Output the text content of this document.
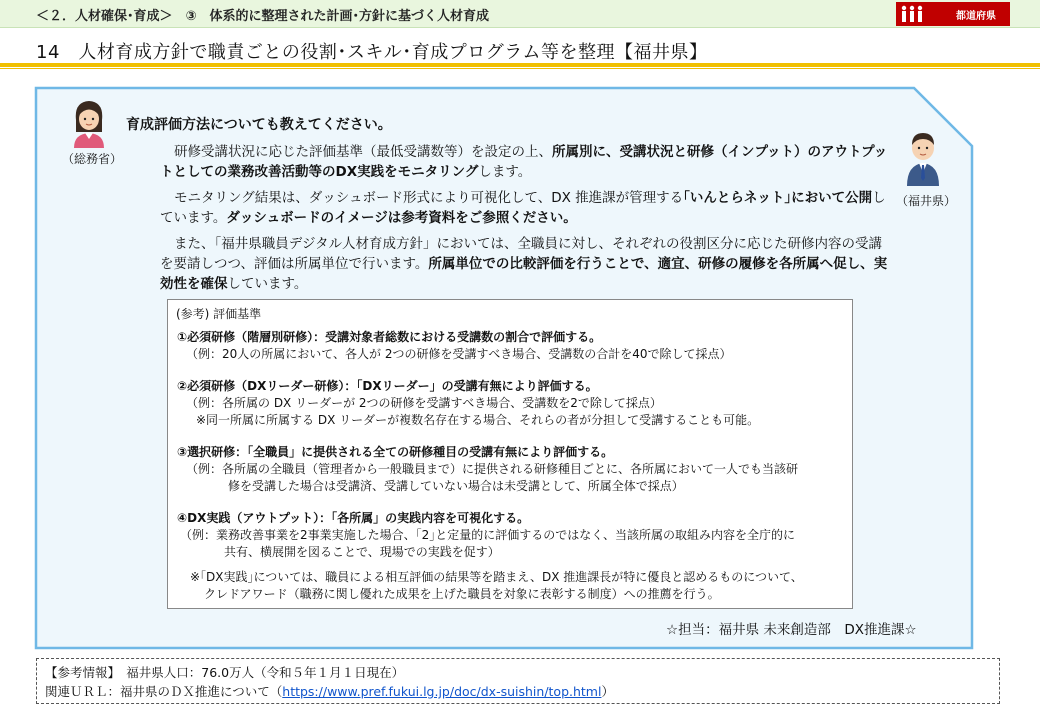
＜２．人材確保･育成＞　③　体系的に整理された計画･方針に基づく人材育成	都道府県
14　人材育成方針で職責ごとの役割･スキル･育成プログラム等を整理【福井県】
（総務省）
（福井県）
育成評価方法についても教えてください。
研修受講状況に応じた評価基準（最低受講数等）を設定の上、所属別に、受講状況と研修（インプット）のアウトプットとしての業務改善活動等のDX実践をモニタリングします。
モニタリング結果は、ダッシュボード形式により可視化して、DX 推進課が管理する｢いんとらネット｣において公開しています。ダッシュボードのイメージは参考資料をご参照ください。
また、「福井県職員デジタル人材育成方針」においては、全職員に対し、それぞれの役割区分に応じた研修内容の受講を要請しつつ、評価は所属単位で行います。所属単位での比較評価を行うことで、適宜、研修の履修を各所属へ促し、実効性を確保しています。
(参考) 評価基準
①必須研修（階層別研修）：受講対象者総数における受講数の割合で評価する。
（例：20人の所属において、各人が 2つの研修を受講すべき場合、受講数の合計を40で除して採点）
②必須研修（DXリーダー研修）：「DXリーダー」の受講有無により評価する。
（例：各所属の DX リーダーが 2つの研修を受講すべき場合、受講数を2で除して採点）
※同一所属に所属する DX リーダーが複数名存在する場合、それらの者が分担して受講することも可能。
③選択研修：「全職員」に提供される全ての研修種目の受講有無により評価する。
（例：各所属の全職員（管理者から一般職員まで）に提供される研修種目ごとに、各所属において一人でも当該研
修を受講した場合は受講済、受講していない場合は未受講として、所属全体で採点）
④DX実践（アウトプット）：「各所属」の実践内容を可視化する。
（例：業務改善事業を2事業実施した場合、｢2｣と定量的に評価するのではなく、当該所属の取組み内容を全庁的に
共有、横展開を図ることで、現場での実践を促す）
※｢DX実践｣については、職員による相互評価の結果等を踏まえ、DX 推進課長が特に優良と認めるものについて、
クレドアワード（職務に関し優れた成果を上げた職員を対象に表彰する制度）への推薦を行う。
☆担当：福井県 未来創造部　DX推進課☆
【参考情報】　福井県人口：76.0万人（令和５年１月１日現在）
関連ＵＲＬ：福井県のＤＸ推進について（https://www.pref.fukui.lg.jp/doc/dx-suishin/top.html）
